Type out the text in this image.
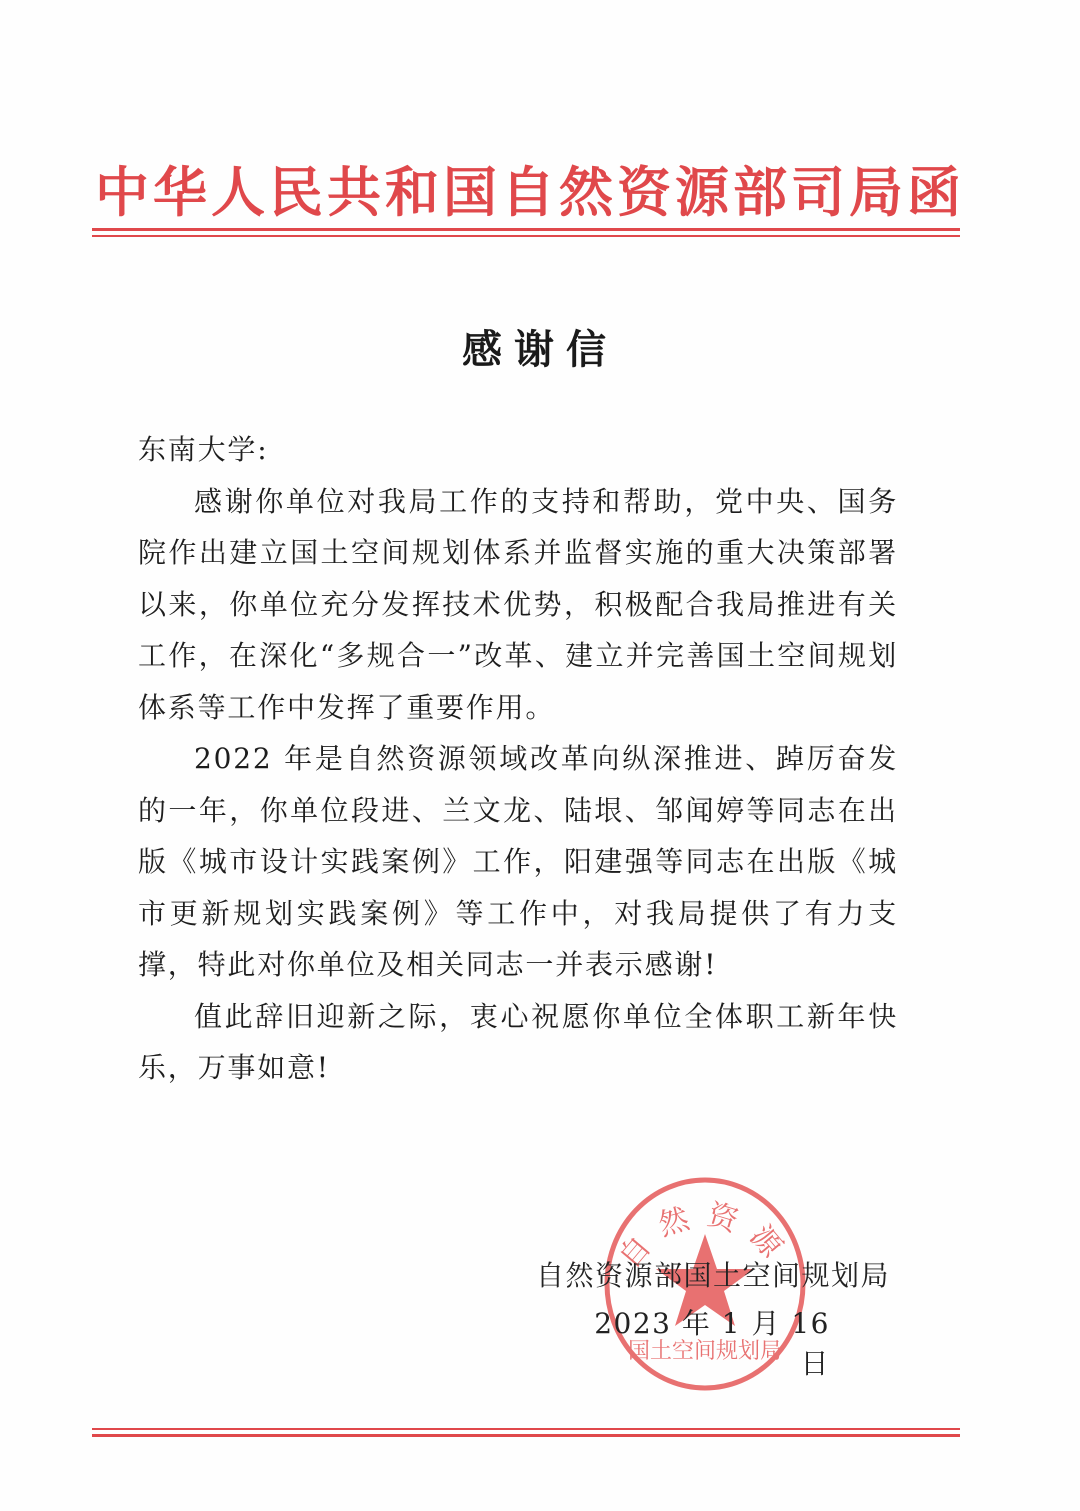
中华人民共和国自然资源部司局函
感谢信

东南大学:

感谢你单位对我局工作的支持和帮助，党中央、国务院作出建立国土空间规划体系并监督实施的重大决策部署以来，你单位充分发挥技术优势，积极配合我局推进有关工作，在深化“多规合一”改革、建立并完善国土空间规划体系等工作中发挥了重要作用。

2022 年是自然资源领域改革向纵深推进、踔厉奋发的一年，你单位段进、兰文龙、陆垠、邹闻婷等同志在出版《城市设计实践案例》工作，阳建强等同志在出版《城市更新规划实践案例》等工作中，对我局提供了有力支撑，特此对你单位及相关同志一并表示感谢!

值此辞旧迎新之际，衷心祝愿你单位全体职工新年快乐，万事如意!

自然资源
国土空间规划局
自然资源部国土空间规划局
2023 年 1 月 16 日
